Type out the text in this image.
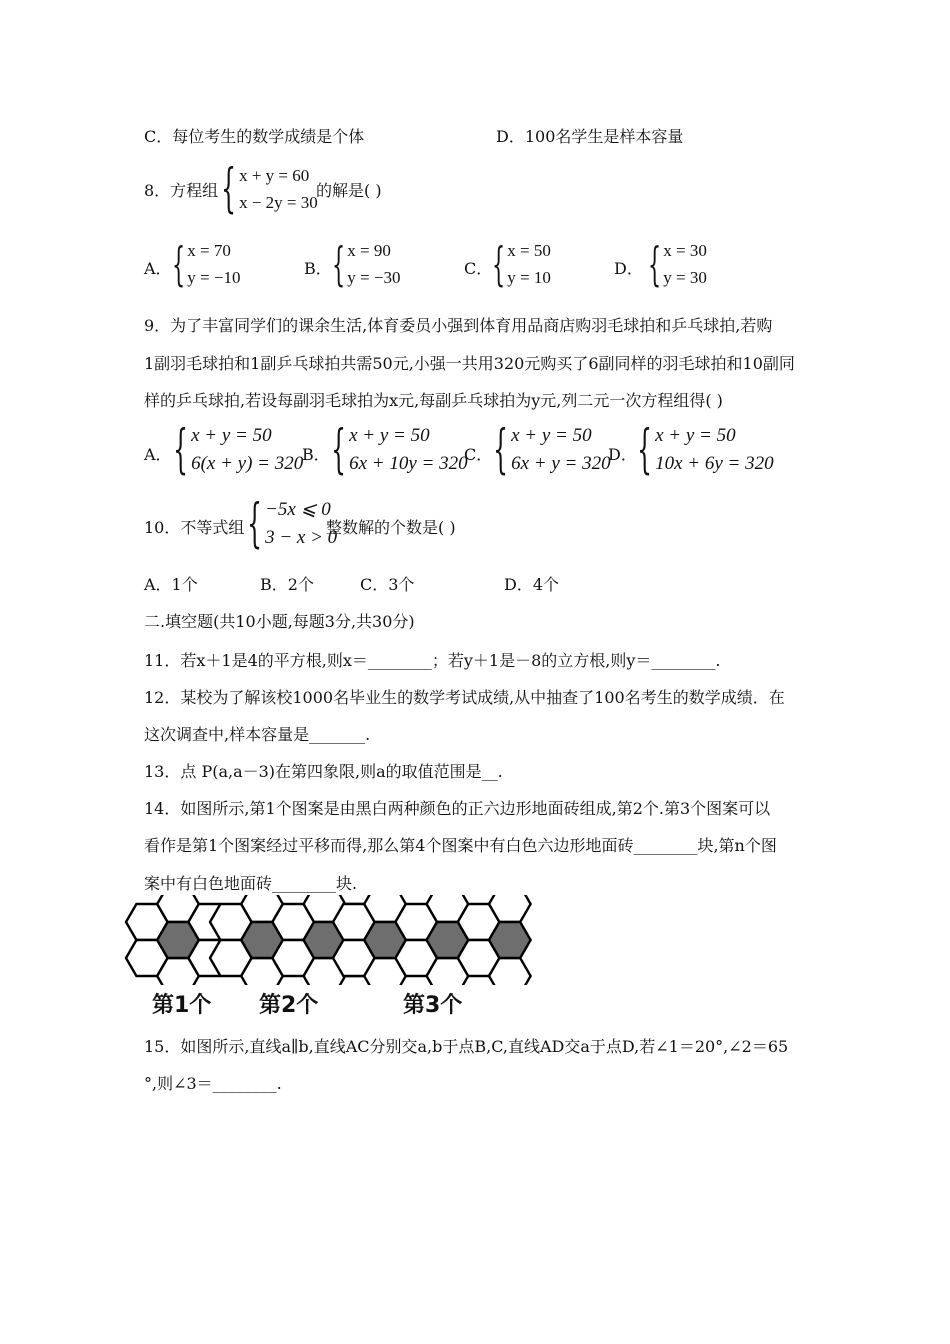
C．每位考生的数学成绩是个体	D．100名学生是样本容量
8．方程组 { x + y = 60
x − 2y = 30
的解是( )
A． { x = 70
y = −10	B． { x = 90
y = −30	C． { x = 50
y = 10	D． { x = 30
y = 30
9．为了丰富同学们的课余生活,体育委员小强到体育用品商店购羽毛球拍和乒乓球拍,若购
1副羽毛球拍和1副乒乓球拍共需50元,小强一共用320元购买了6副同样的羽毛球拍和10副同
样的乒乓球拍,若设每副羽毛球拍为x元,每副乒乓球拍为y元,列二元一次方程组得( )
A． { x + y = 50
6(x + y) = 320
B． { x + y = 50
6x + 10y = 320
C． { x + y = 50
6x + y = 320
D． { x + y = 50
10x + 6y = 320
10．不等式组 { −5x ⩽ 0
3 − x > 0
整数解的个数是( )
A．1个	B．2个	C．3个	D．4个
二.填空题(共10小题,每题3分,共30分)
11．若x＋1是4的平方根,则x＝________；若y＋1是－8的立方根,则y＝________.
12．某校为了解该校1000名毕业生的数学考试成绩,从中抽查了100名考生的数学成绩．在
这次调查中,样本容量是_______.
13．点 P(a,a－3)在第四象限,则a的取值范围是__.
14．如图所示,第1个图案是由黑白两种颜色的正六边形地面砖组成,第2个.第3个图案可以
看作是第1个图案经过平移而得,那么第4个图案中有白色六边形地面砖________块,第n个图
案中有白色地面砖________块.
第1个 第2个	第3个
15．如图所示,直线a∥b,直线AC分别交a,b于点B,C,直线AD交a于点D,若∠1＝20°,∠2＝65
°,则∠3＝________.
